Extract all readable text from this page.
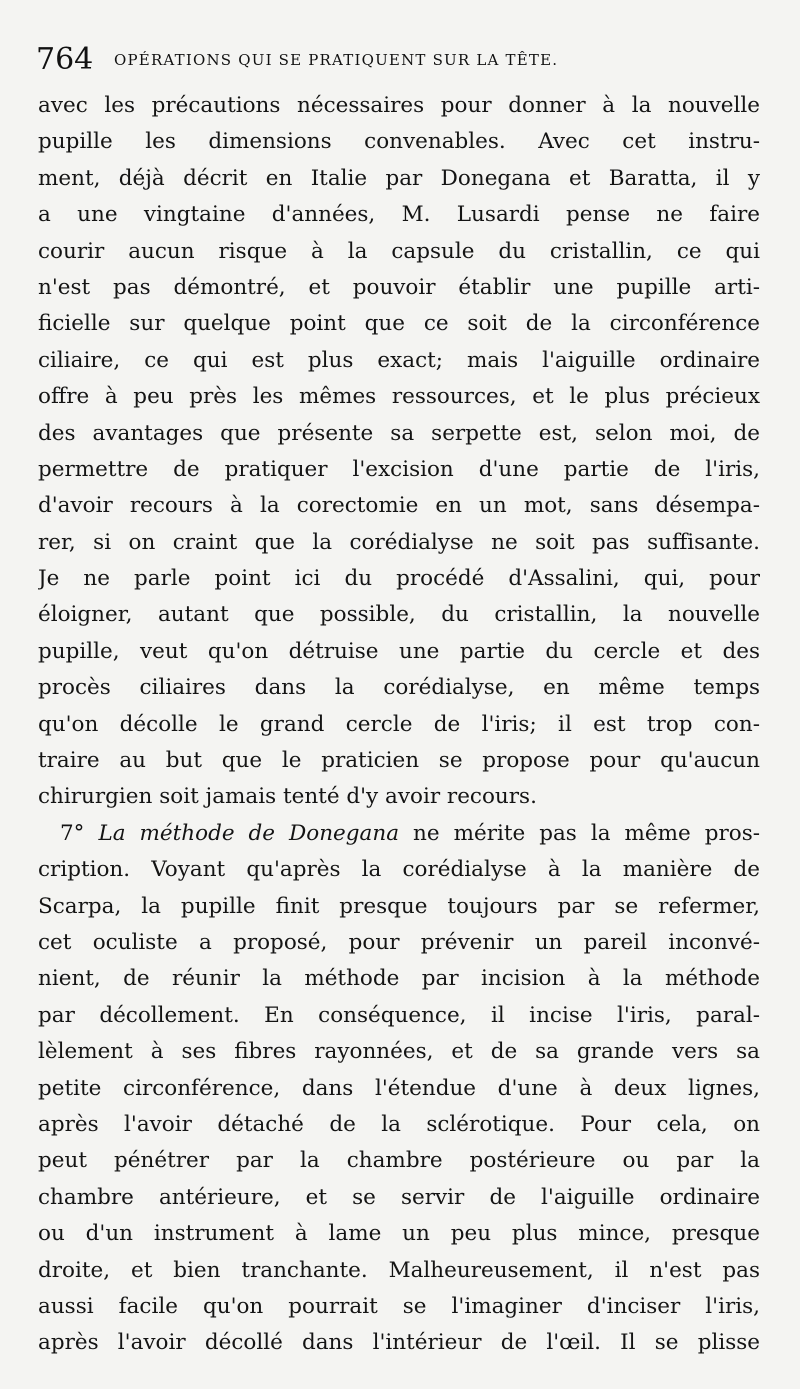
764 OPÉRATIONS QUI SE PRATIQUENT SUR LA TÊTE.
avec les précautions nécessaires pour donner à la nouvelle
pupille les dimensions convenables. Avec cet instru-
ment, déjà décrit en Italie par Donegana et Baratta, il y
a une vingtaine d'années, M. Lusardi pense ne faire
courir aucun risque à la capsule du cristallin, ce qui
n'est pas démontré, et pouvoir établir une pupille arti-
ficielle sur quelque point que ce soit de la circonférence
ciliaire, ce qui est plus exact; mais l'aiguille ordinaire
offre à peu près les mêmes ressources, et le plus précieux
des avantages que présente sa serpette est, selon moi, de
permettre de pratiquer l'excision d'une partie de l'iris,
d'avoir recours à la corectomie en un mot, sans désempa-
rer, si on craint que la corédialyse ne soit pas suffisante.
Je ne parle point ici du procédé d'Assalini, qui, pour
éloigner, autant que possible, du cristallin, la nouvelle
pupille, veut qu'on détruise une partie du cercle et des
procès ciliaires dans la corédialyse, en même temps
qu'on décolle le grand cercle de l'iris; il est trop con-
traire au but que le praticien se propose pour qu'aucun
chirurgien soit jamais tenté d'y avoir recours.
7° La méthode de Donegana ne mérite pas la même pros-
cription. Voyant qu'après la corédialyse à la manière de
Scarpa, la pupille finit presque toujours par se refermer,
cet oculiste a proposé, pour prévenir un pareil inconvé-
nient, de réunir la méthode par incision à la méthode
par décollement. En conséquence, il incise l'iris, paral-
lèlement à ses fibres rayonnées, et de sa grande vers sa
petite circonférence, dans l'étendue d'une à deux lignes,
après l'avoir détaché de la sclérotique. Pour cela, on
peut pénétrer par la chambre postérieure ou par la
chambre antérieure, et se servir de l'aiguille ordinaire
ou d'un instrument à lame un peu plus mince, presque
droite, et bien tranchante. Malheureusement, il n'est pas
aussi facile qu'on pourrait se l'imaginer d'inciser l'iris,
après l'avoir décollé dans l'intérieur de l'œil. Il se plisse
